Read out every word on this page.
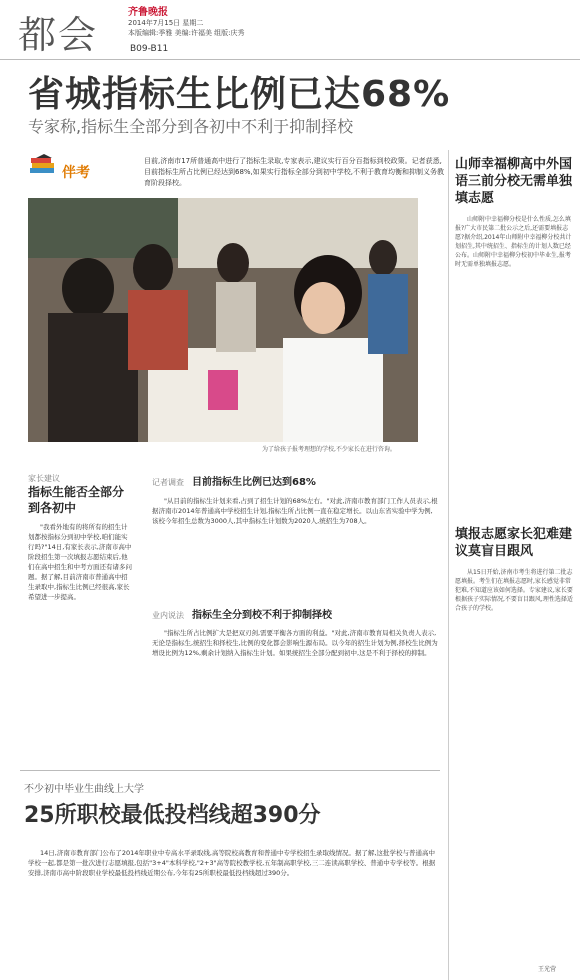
都会
齐鲁晚报
2014年7月15日 星期二
本版编辑:季雅 美编:许福美 组版:庆秀
B09-B11
省城指标生比例已达68%
专家称,指标生全部分到各初中不利于抑制择校
伴考
目前,济南市17所普通高中进行了指标生录取,专家表示,建议实行百分百指标到校政策。记者获悉,目前指标生所占比例已经达到68%,如果实行指标全部分到初中学校,不利于教育均衡和抑制义务教育阶段择校。
为了给孩子报考理想的学校,不少家长在进行咨询。
家长建议
指标生能否全部分到各初中
"我看外地有的将所有的招生计划都按指标分到初中学校,咱们能实行吗?"14日,有家长表示,济南市高中阶段招生第一次填报志愿结束后,他们在高中招生和中考方面还有诸多问题。据了解,目前济南市普通高中招生录取中,指标生比例已经很高,家长希望进一步提高。
记者调查 目前指标生比例已达到68%
"从目前的指标生计划来看,占到了招生计划的68%左右。"对此,济南市教育部门工作人员表示,根据济南市2014年普通高中学校招生计划,指标生所占比例一直在稳定增长。以山东省实验中学为例,该校今年招生总数为3000人,其中指标生计划数为2020人,统招生为708人。
业内说法 指标生全分到校不利于抑制择校
"指标生所占比例扩大是把双刃剑,需要平衡各方面的利益。"对此,济南市教育局相关负责人表示,无论是指标生,统招生和择校生,比例的变化都会影响生源布局。以今年的招生计划为例,择校生比例为增设比例为12%,剩余计划纳入指标生计划。如果统招生全部分配到初中,这是不利于择校的抑制。
不少初中毕业生曲线上大学
25所职校最低投档线超390分
14日,济南市教育部门公布了2014年职业中专高水平录取线,高等院校高教育和普通中专学校招生录取线情况。据了解,这批学校与普通高中学校一起,都是第一批次进行志愿填报,包括"3+4"本科学校,"2+3"高等院校教学校,五年制高职学校,三二连读高职学校、普通中专学校等。根据安排,济南市高中阶段职业学校最低投档线近期公布,今年有25所职校最低投档线超过390分。
山师幸福柳高中外国语三前分校无需单独填志愿
山师附中幸福柳分校是什么性质,怎么填报?广大市民第二批公示之后,还需要填报志愿?据介绍,2014年山师附中幸福柳分校共计划招生,其中统招生、指标生的计划人数已经公布。山师附中幸福柳分校初中毕业生,报考时无需单独填报志愿。
填报志愿家长犯难建议莫盲目跟风
从15日开始,济南市考生将进行第二批志愿填报。考生们在填报志愿时,家长感觉非常犯难,不知道应该如何选择。专家建议,家长要根据孩子实际情况,不要盲目跟风,理性选择适合孩子的学校。
王光营
